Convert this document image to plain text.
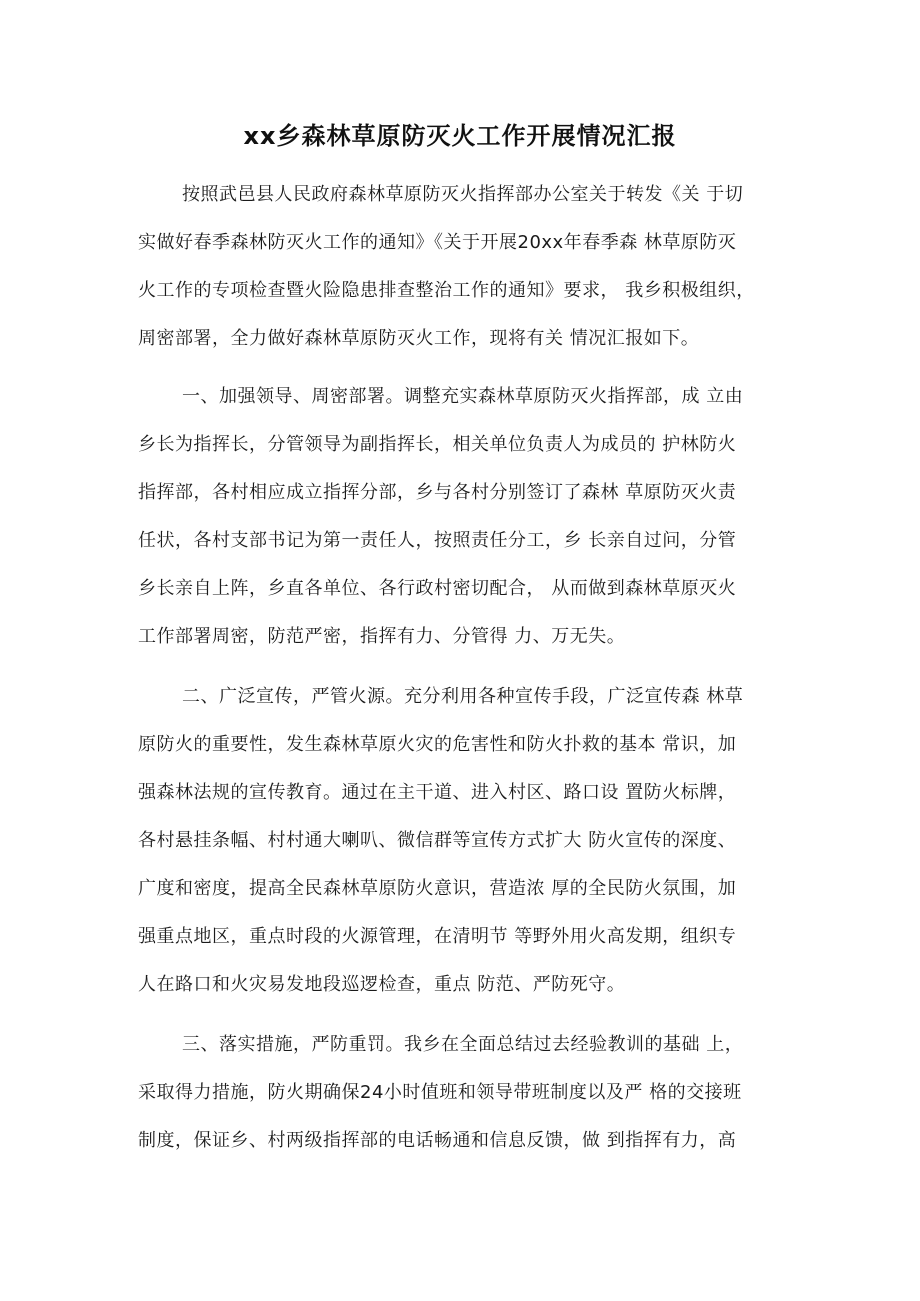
xx乡森林草原防灭火工作开展情况汇报
按照武邑县人民政府森林草原防灭火指挥部办公室关于转发《关 于切
实做好春季森林防灭火工作的通知》《关于开展20xx年春季森 林草原防灭
火工作的专项检查暨火险隐患排查整治工作的通知》要求， 我乡积极组织，
周密部署，全力做好森林草原防灭火工作，现将有关 情况汇报如下。
一、加强领导、周密部署。调整充实森林草原防灭火指挥部，成 立由
乡长为指挥长，分管领导为副指挥长，相关单位负责人为成员的 护林防火
指挥部，各村相应成立指挥分部，乡与各村分别签订了森林 草原防灭火责
任状，各村支部书记为第一责任人，按照责任分工，乡 长亲自过问，分管
乡长亲自上阵，乡直各单位、各行政村密切配合， 从而做到森林草原灭火
工作部署周密，防范严密，指挥有力、分管得 力、万无失。
二、广泛宣传，严管火源。充分利用各种宣传手段，广泛宣传森 林草
原防火的重要性，发生森林草原火灾的危害性和防火扑救的基本 常识，加
强森林法规的宣传教育。通过在主干道、进入村区、路口设 置防火标牌，
各村悬挂条幅、村村通大喇叭、微信群等宣传方式扩大 防火宣传的深度、
广度和密度，提高全民森林草原防火意识，营造浓 厚的全民防火氛围，加
强重点地区，重点时段的火源管理，在清明节 等野外用火高发期，组织专
人在路口和火灾易发地段巡逻检查，重点 防范、严防死守。
三、落实措施，严防重罚。我乡在全面总结过去经验教训的基础 上，
采取得力措施，防火期确保24小时值班和领导带班制度以及严 格的交接班
制度，保证乡、村两级指挥部的电话畅通和信息反馈，做 到指挥有力，高
